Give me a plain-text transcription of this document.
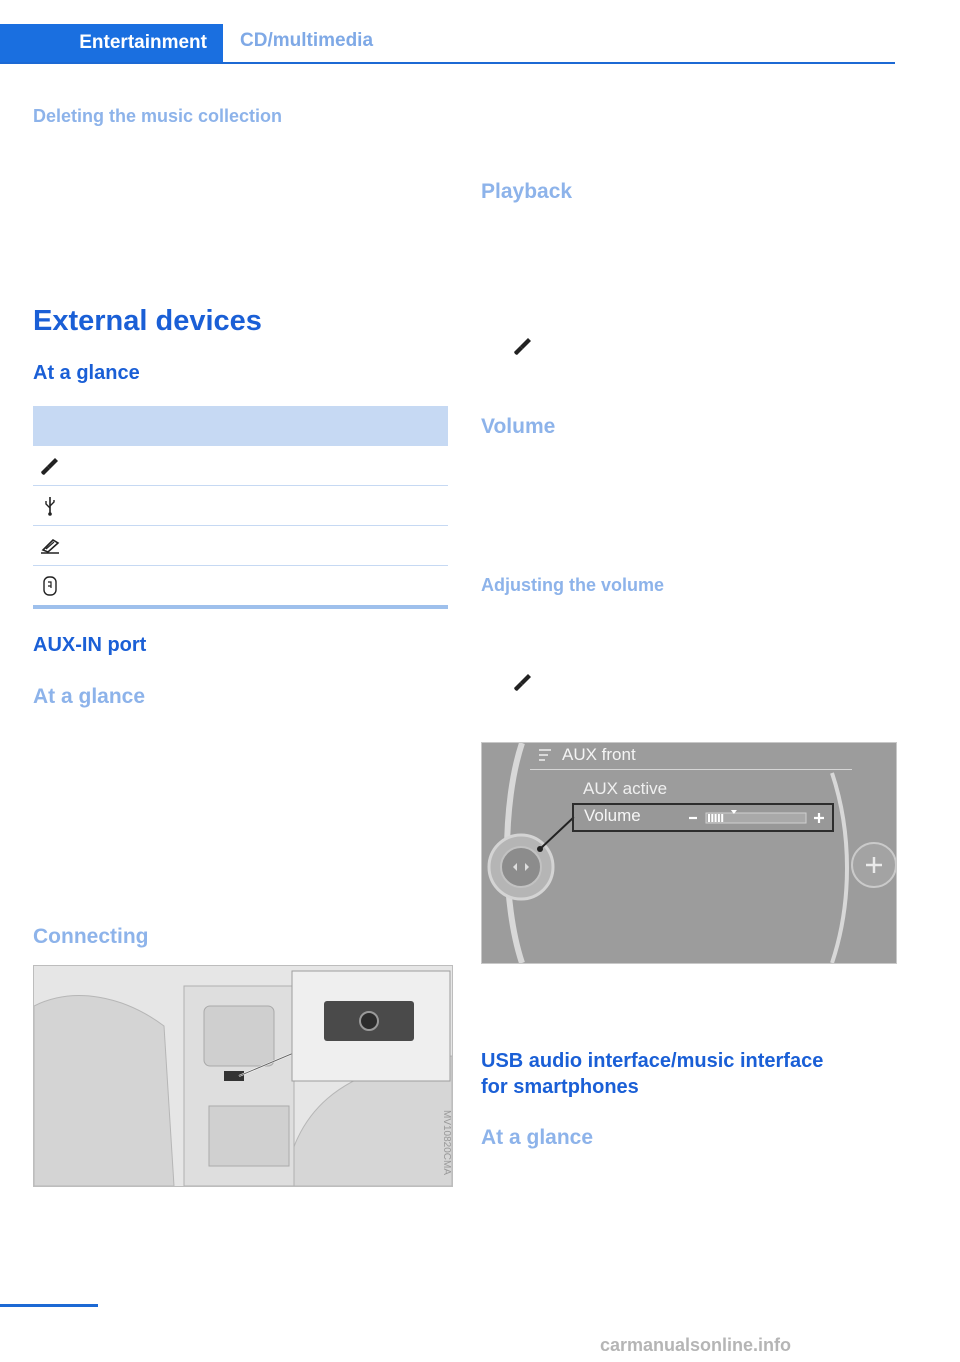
Entertainment CD/multimedia
Deleting the music collection
External devices
At a glance
AUX-IN port
At a glance
Connecting
MV10820CMA
Playback
Volume
Adjusting the volume
AUX front
AUX active
Volume
USB audio interface/music interface
for smartphones
At a glance
carmanualsonline.info
